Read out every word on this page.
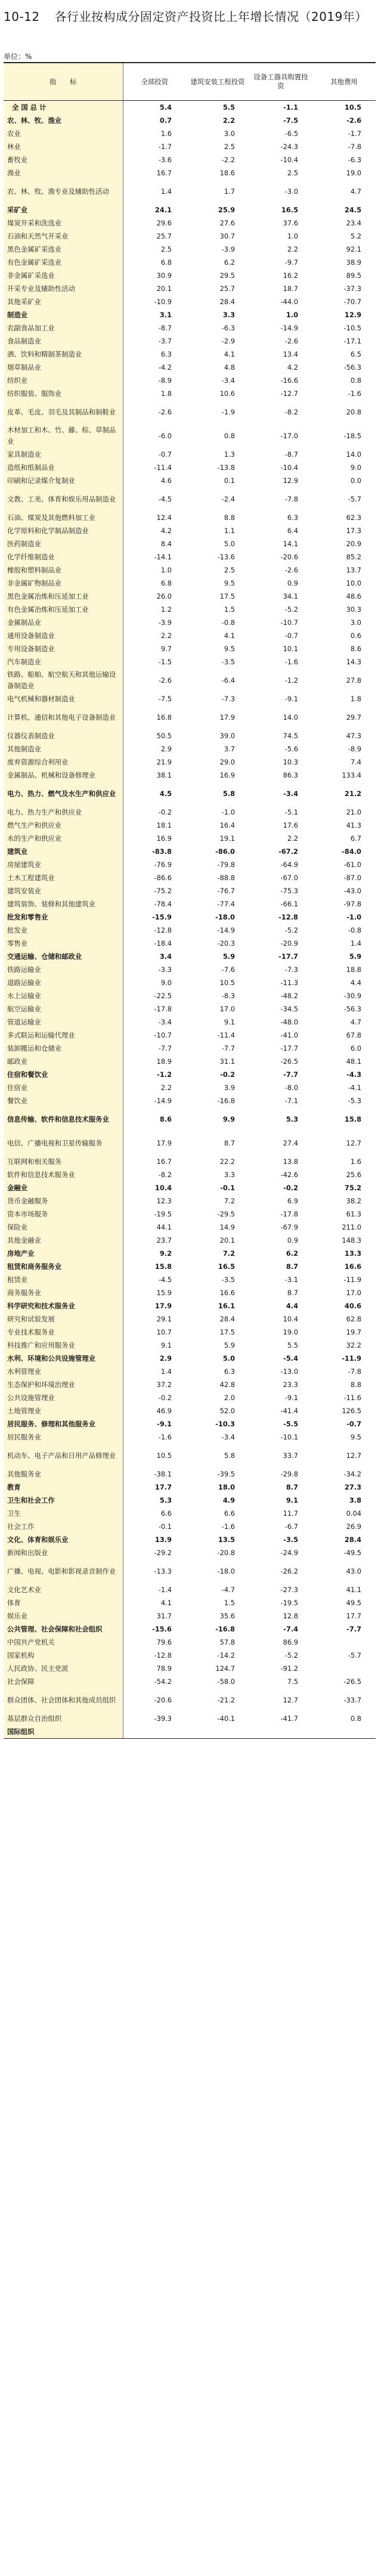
10-12 各行业按构成分固定资产投资比上年增长情况（2019年）
单位：%
指　　标	全部投资	建筑安装工程投资	设备工器具购置投资	其他费用
全 国 总 计	5.4	5.5	-1.1	10.5
农、林、牧、渔业	0.7	2.2	-7.5	-2.6
农业	1.6	3.0	-6.5	-1.7
林业	-1.7	2.5	-24.3	-7.8
畜牧业	-3.6	-2.2	-10.4	-6.3
渔业	16.7	18.6	2.5	19.0
农、林、牧、渔专业及辅助性活动	1.4	1.7	-3.0	4.7
采矿业	24.1	25.9	16.5	24.5
煤炭开采和洗选业	29.6	27.6	37.6	23.4
石油和天然气开采业	25.7	30.7	1.0	5.2
黑色金属矿采选业	2.5	-3.9	2.2	92.1
有色金属矿采选业	6.8	6.2	-9.7	38.9
非金属矿采选业	30.9	29.5	16.2	89.5
开采专业及辅助性活动	20.1	25.7	18.7	-37.3
其他采矿业	-10.9	28.4	-44.0	-70.7
制造业	3.1	3.3	1.0	12.9
农副食品加工业	-8.7	-6.3	-14.9	-10.5
食品制造业	-3.7	-2.9	-2.6	-17.1
酒、饮料和精制茶制造业	6.3	4.1	13.4	6.5
烟草制品业	-4.2	4.8	4.2	-56.3
纺织业	-8.9	-3.4	-16.6	0.8
纺织服装、服饰业	1.8	10.6	-12.7	-1.6
皮革、毛皮、羽毛及其制品和制鞋业	-2.6	-1.9	-8.2	20.8
木材加工和木、竹、藤、棕、草制品业	-6.0	0.8	-17.0	-18.5
家具制造业	-0.7	1.3	-8.7	14.0
造纸和纸制品业	-11.4	-13.8	-10.4	9.0
印刷和记录媒介复制业	4.6	0.1	12.9	0.0
文教、工美、体育和娱乐用品制造业	-4.5	-2.4	-7.8	-5.7
石油、煤炭及其他燃料加工业	12.4	8.8	6.3	62.3
化学原料和化学制品制造业	4.2	1.1	6.4	17.3
医药制造业	8.4	5.0	14.1	20.9
化学纤维制造业	-14.1	-13.6	-20.6	85.2
橡胶和塑料制品业	1.0	2.5	-2.6	13.7
非金属矿物制品业	6.8	9.5	0.9	10.0
黑色金属冶炼和压延加工业	26.0	17.5	34.1	48.6
有色金属冶炼和压延加工业	1.2	1.5	-5.2	30.3
金属制品业	-3.9	-0.8	-10.7	3.0
通用设备制造业	2.2	4.1	-0.7	0.6
专用设备制造业	9.7	9.5	10.1	8.6
汽车制造业	-1.5	-3.5	-1.6	14.3
铁路、船舶、航空航天和其他运输设备制造业	-2.6	-6.4	-1.2	27.8
电气机械和器材制造业	-7.5	-7.3	-9.1	1.8
计算机、通信和其他电子设备制造业	16.8	17.9	14.0	29.7
仪器仪表制造业	50.5	39.0	74.5	47.3
其他制造业	2.9	3.7	-5.6	-8.9
废弃资源综合利用业	21.9	29.0	10.3	7.4
金属制品、机械和设备修理业	38.1	16.9	86.3	133.4
电力、热力、燃气及水生产和供应业	4.5	5.8	-3.4	21.2
电力、热力生产和供应业	-0.2	-1.0	-5.1	21.0
燃气生产和供应业	18.1	16.4	17.6	41.3
水的生产和供应业	16.9	19.1	2.2	6.7
建筑业	-83.8	-86.0	-67.2	-84.0
房屋建筑业	-76.9	-79.8	-64.9	-61.0
土木工程建筑业	-86.6	-88.8	-67.0	-87.0
建筑安装业	-75.2	-76.7	-75.3	-43.0
建筑装饰、装修和其他建筑业	-78.4	-77.4	-66.1	-97.8
批发和零售业	-15.9	-18.0	-12.8	-1.0
批发业	-12.8	-14.9	-5.2	-0.8
零售业	-18.4	-20.3	-20.9	1.4
交通运输、仓储和邮政业	3.4	5.9	-17.7	5.9
铁路运输业	-3.3	-7.6	-7.3	18.8
道路运输业	9.0	10.5	-11.3	4.4
水上运输业	-22.5	-8.3	-48.2	-30.9
航空运输业	-17.8	17.0	-34.5	-56.3
管道运输业	-3.4	9.1	-48.0	4.7
多式联运和运输代理业	-10.7	-11.4	-41.0	67.8
装卸搬运和仓储业	-7.7	-7.7	-17.7	6.0
邮政业	18.9	31.1	-26.5	48.1
住宿和餐饮业	-1.2	-0.2	-7.7	-4.3
住宿业	2.2	3.9	-8.0	-4.1
餐饮业	-14.9	-16.8	-7.1	-5.3
信息传输、软件和信息技术服务业	8.6	9.9	5.3	15.8
电信、广播电视和卫星传输服务	17.9	8.7	27.4	12.7
互联网和相关服务	16.7	22.2	13.8	1.6
软件和信息技术服务业	-8.2	3.3	-42.6	25.6
金融业	10.4	-0.1	-0.2	75.2
货币金融服务	12.3	7.2	6.9	38.2
资本市场服务	-19.5	-29.5	-17.8	61.3
保险业	44.1	14.9	-67.9	211.0
其他金融业	23.7	20.1	0.9	148.3
房地产业	9.2	7.2	6.2	13.3
租赁和商务服务业	15.8	16.5	8.7	16.6
租赁业	-4.5	-3.5	-3.1	-11.9
商务服务业	15.9	16.6	8.7	17.0
科学研究和技术服务业	17.9	16.1	4.4	40.6
研究和试验发展	29.1	28.4	10.4	62.8
专业技术服务业	10.7	17.5	19.0	19.7
科技推广和应用服务业	9.1	5.9	5.5	32.2
水利、环境和公共设施管理业	2.9	5.0	-5.4	-11.9
水利管理业	1.4	6.3	-13.0	-7.8
生态保护和环境治理业	37.2	42.8	23.3	8.8
公共设施管理业	-0.2	2.0	-9.1	-11.6
土地管理业	46.9	52.0	-41.4	126.5
居民服务、修理和其他服务业	-9.1	-10.3	-5.5	-0.7
居民服务业	-1.6	-3.4	-10.1	9.5
机动车、电子产品和日用产品修理业	10.5	5.8	33.7	12.7
其他服务业	-38.1	-39.5	-29.8	-34.2
教育	17.7	18.0	8.7	27.3
卫生和社会工作	5.3	4.9	9.1	3.8
卫生	6.6	6.6	11.7	0.04
社会工作	-0.1	-1.6	-6.7	26.9
文化、体育和娱乐业	13.9	13.5	-3.5	28.4
新闻和出版业	-29.2	-20.8	-24.9	-49.5
广播、电视、电影和影视录音制作业	-13.3	-18.0	-26.2	43.0
文化艺术业	-1.4	-4.7	-27.3	41.1
体育	4.1	1.5	-19.5	49.5
娱乐业	31.7	35.6	12.8	17.7
公共管理、社会保障和社会组织	-15.6	-16.8	-7.4	-7.7
中国共产党机关	79.6	57.8	86.9	
国家机构	-12.8	-14.2	-5.2	-5.7
人民政协、民主党派	78.9	124.7	-91.2	
社会保障	-54.2	-58.0	7.5	-26.5
群众团体、社会团体和其他成员组织	-20.6	-21.2	12.7	-33.7
基层群众自治组织	-39.3	-40.1	-41.7	0.8
国际组织				
